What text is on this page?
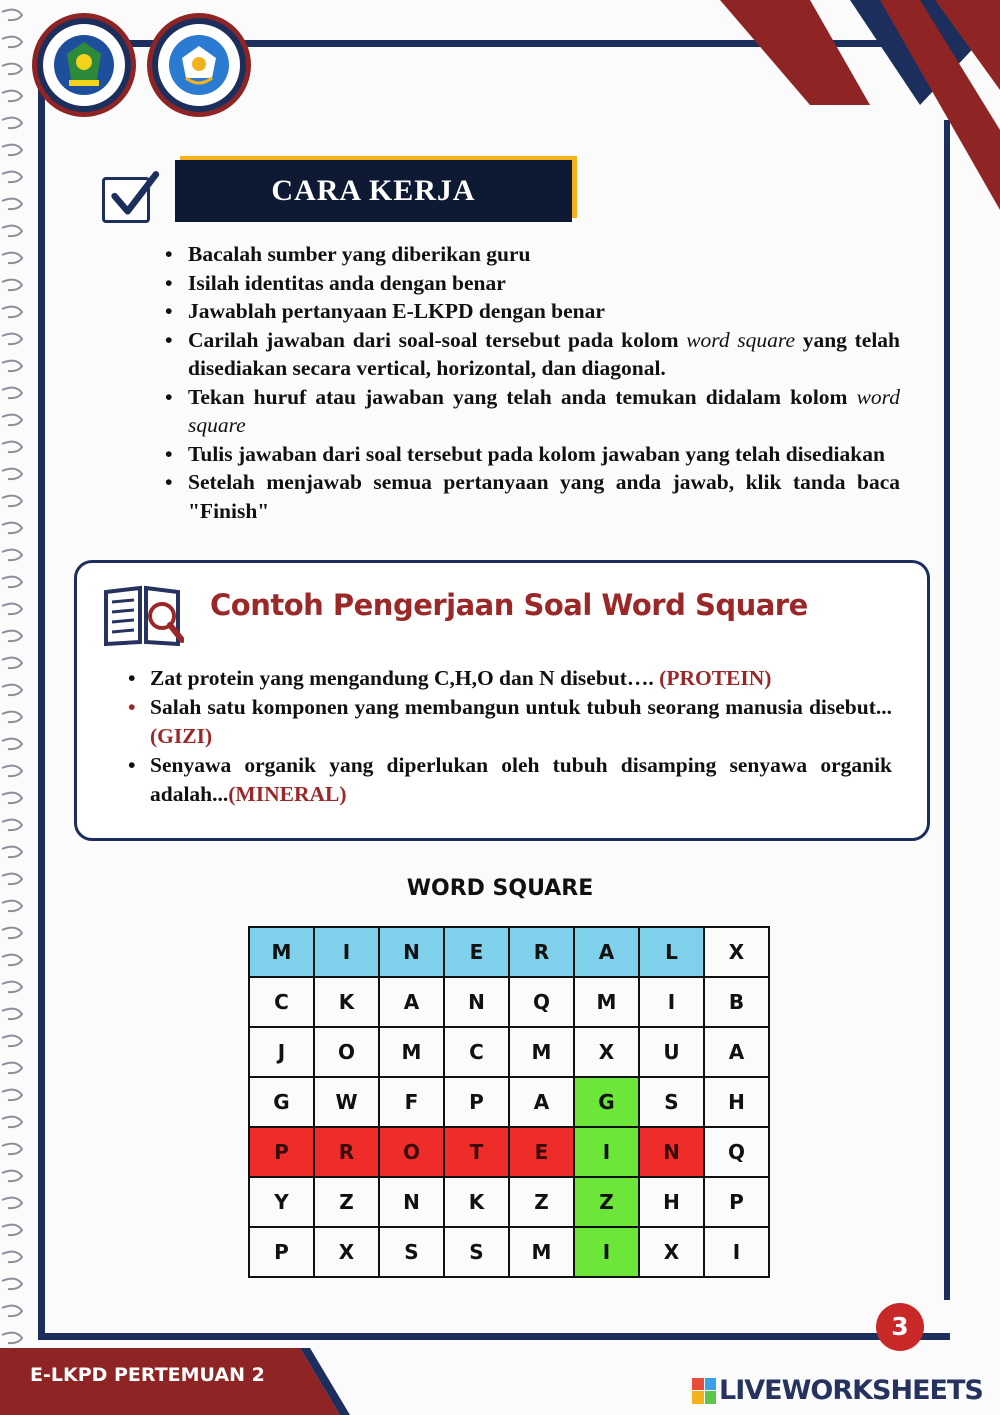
CARA KERJA
• Bacalah sumber yang diberikan guru
• Isilah identitas anda dengan benar
• Jawablah pertanyaan E-LKPD dengan benar
• Carilah jawaban dari soal-soal tersebut pada kolom word square yang telah disediakan secara vertical, horizontal, dan diagonal.
• Tekan huruf atau jawaban yang telah anda temukan didalam kolom word square
• Tulis jawaban dari soal tersebut pada kolom jawaban yang telah disediakan
• Setelah menjawab semua pertanyaan yang anda jawab, klik tanda baca "Finish"
Contoh Pengerjaan Soal Word Square
• Zat protein yang mengandung C,H,O dan N disebut…. (PROTEIN)
• Salah satu komponen yang membangun untuk tubuh seorang manusia disebut...(GIZI)
• Senyawa organik yang diperlukan oleh tubuh disamping senyawa organik adalah...(MINERAL)
WORD SQUARE
M	I	N	E	R	A	L	X
C	K	A	N	Q	M	I	B
J	O	M	C	M	X	U	A
G	W	F	P	A	G	S	H
P	R	O	T	E	I	N	Q
Y	Z	N	K	Z	Z	H	P
P	X	S	S	M	I	X	I
3
E-LKPD PERTEMUAN 2	LIVEWORKSHEETS
